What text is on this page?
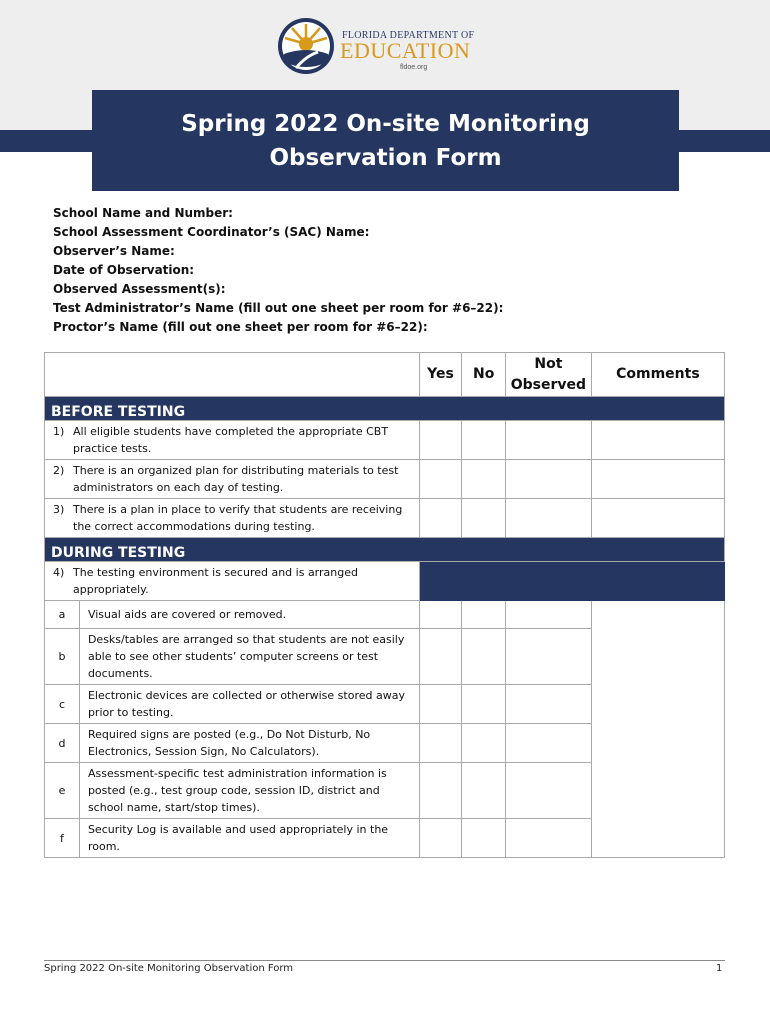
FLORIDA DEPARTMENT OF
EDUCATION
fldoe.org
Spring 2022 On-site Monitoring Observation Form
School Name and Number:
School Assessment Coordinator’s (SAC) Name:
Observer’s Name:
Date of Observation:
Observed Assessment(s):
Test Administrator’s Name (fill out one sheet per room for #6–22):
Proctor’s Name (fill out one sheet per room for #6–22):
		Yes	No	Not Observed	Comments
BEFORE TESTING					
1) All eligible students have completed the appropriate CBT practice tests.					
2) There is an organized plan for distributing materials to test administrators on each day of testing.					
3) There is a plan in place to verify that students are receiving the correct accommodations during testing.					
DURING TESTING					
4) The testing environment is secured and is arranged appropriately.					
a	Visual aids are covered or removed.				
b	Desks/tables are arranged so that students are not easily able to see other students’ computer screens or test documents.				
c	Electronic devices are collected or otherwise stored away prior to testing.				
d	Required signs are posted (e.g., Do Not Disturb, No Electronics, Session Sign, No Calculators).				
e	Assessment-specific test administration information is posted (e.g., test group code, session ID, district and school name, start/stop times).				
f	Security Log is available and used appropriately in the room.				
Spring 2022 On-site Monitoring Observation Form	1
